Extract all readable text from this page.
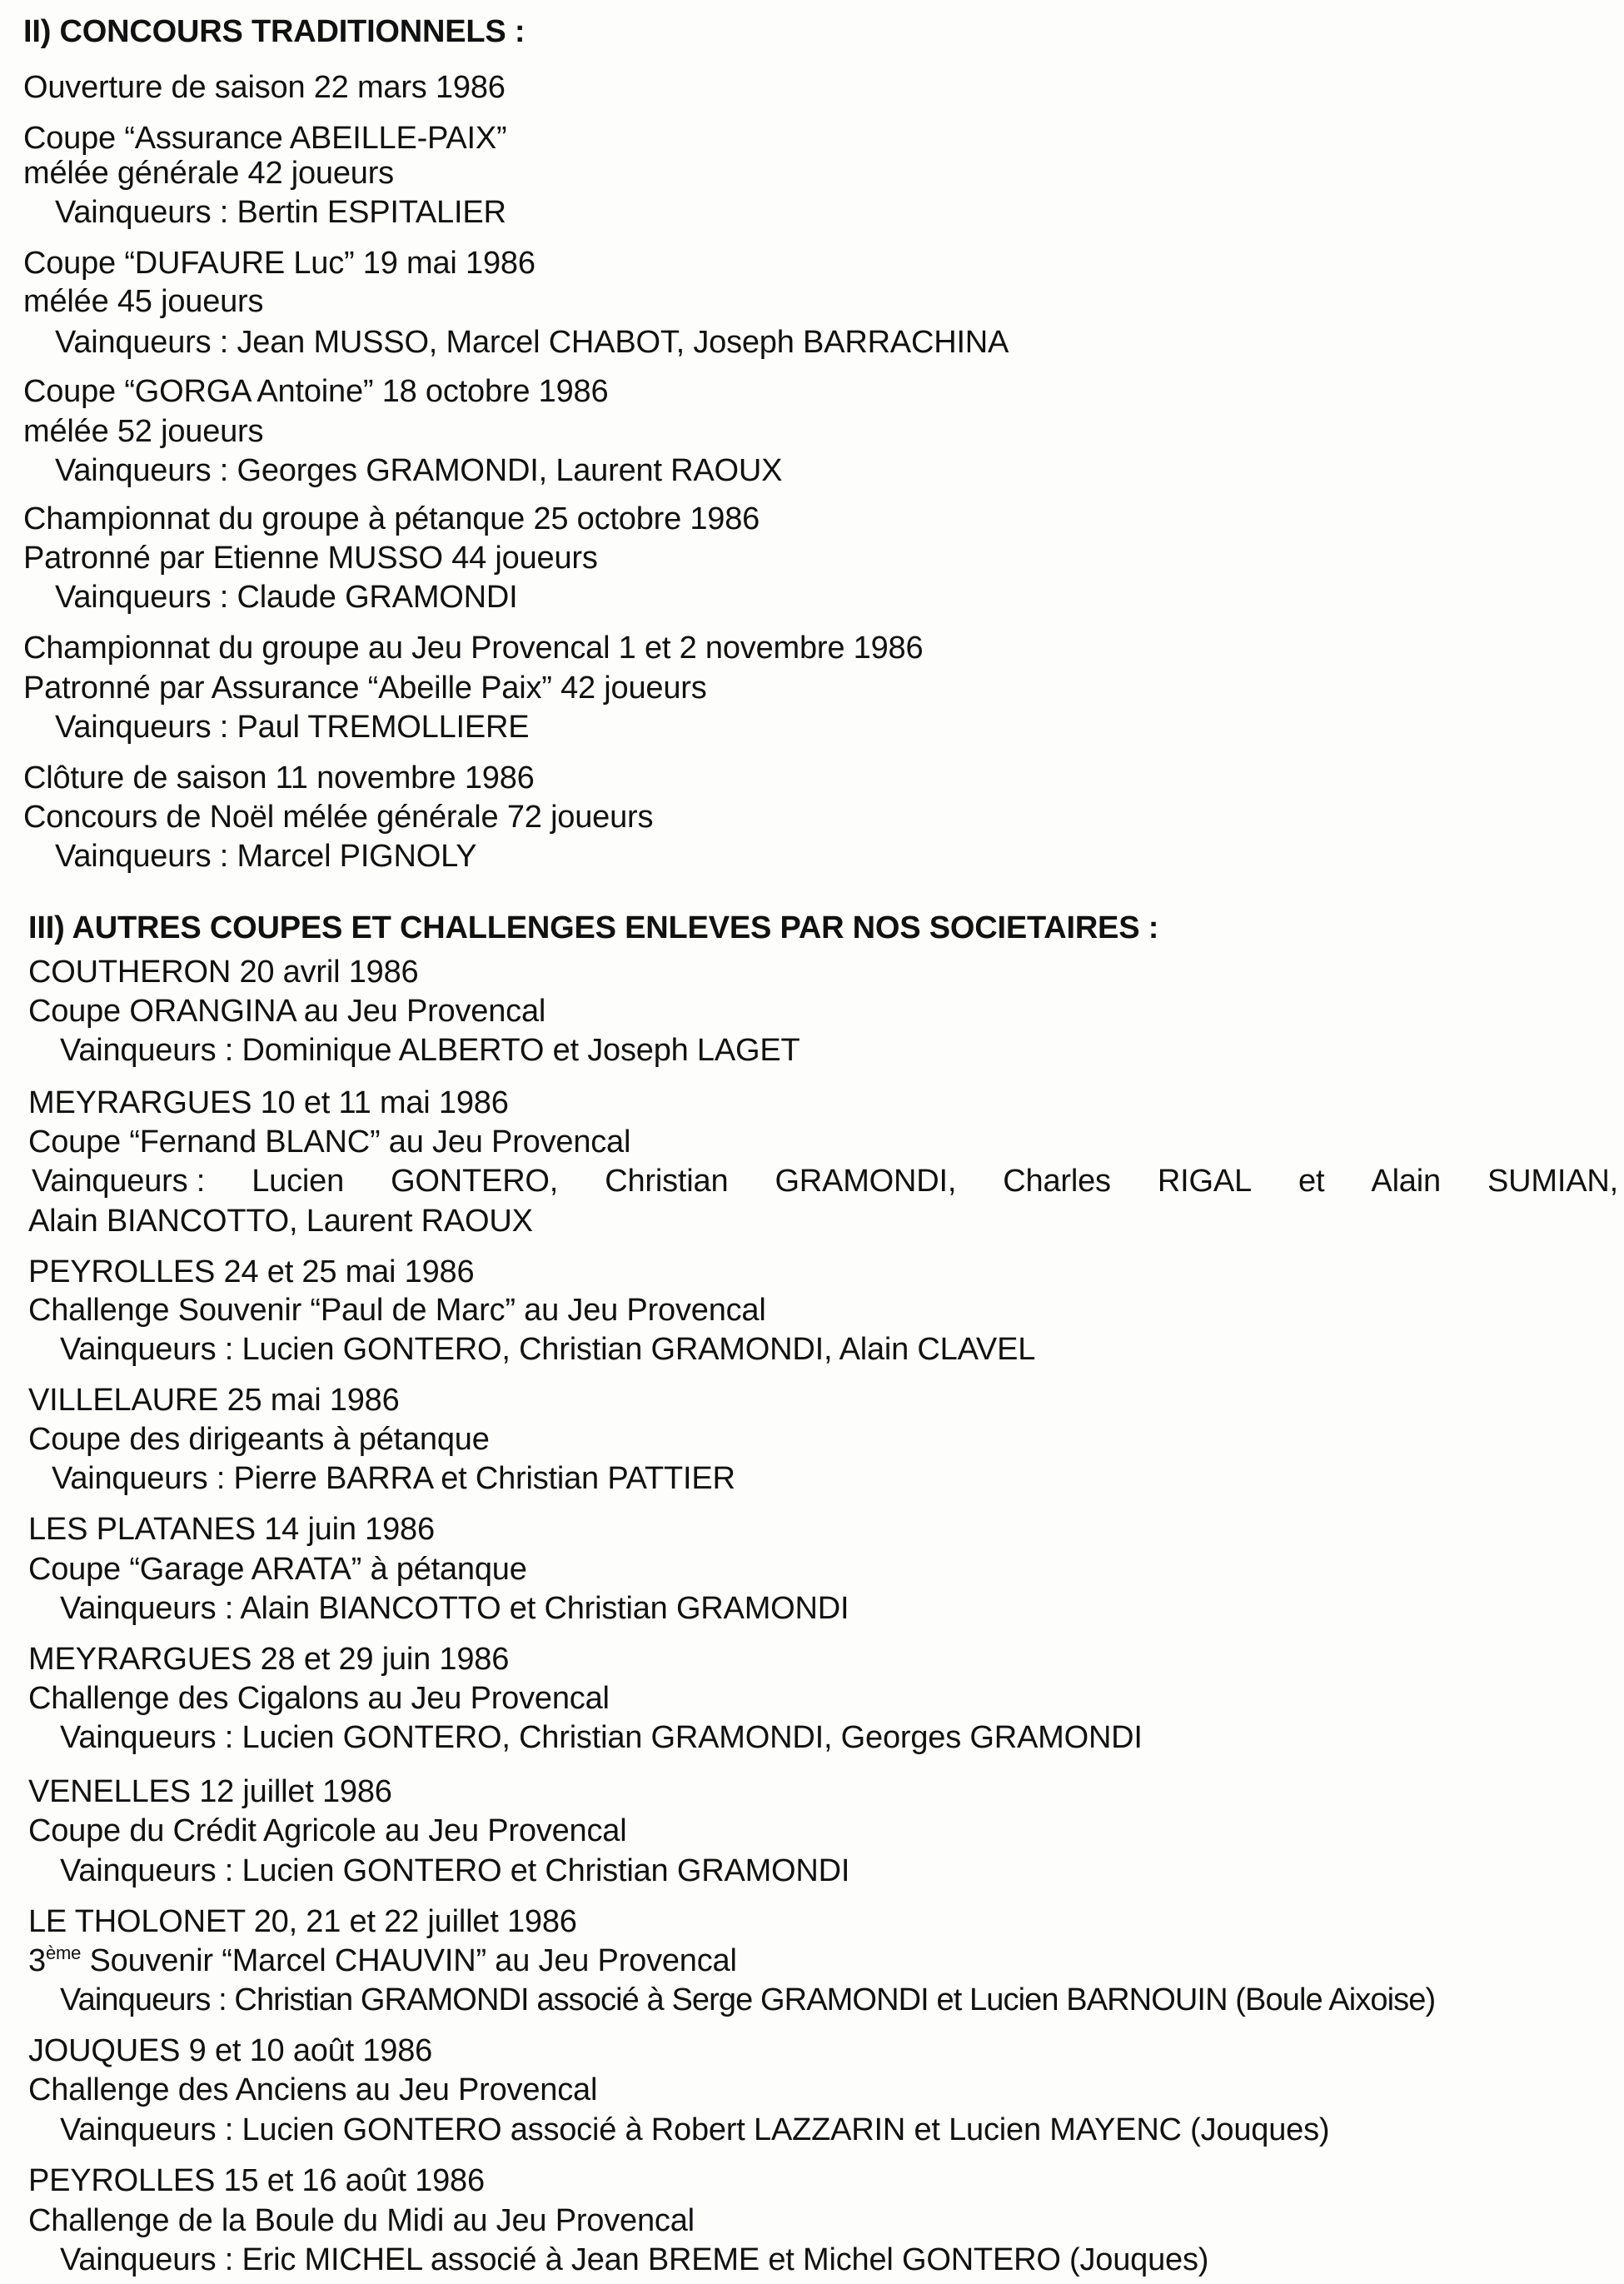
II) CONCOURS TRADITIONNELS :
Ouverture de saison 22 mars 1986
Coupe “Assurance ABEILLE-PAIX”
mélée générale 42 joueurs
Vainqueurs : Bertin ESPITALIER
Coupe “DUFAURE Luc” 19 mai 1986
mélée 45 joueurs
Vainqueurs : Jean MUSSO, Marcel CHABOT, Joseph BARRACHINA
Coupe “GORGA Antoine” 18 octobre 1986
mélée 52 joueurs
Vainqueurs : Georges GRAMONDI, Laurent RAOUX
Championnat du groupe à pétanque 25 octobre 1986
Patronné par Etienne MUSSO 44 joueurs
Vainqueurs : Claude GRAMONDI
Championnat du groupe au Jeu Provencal 1 et 2 novembre 1986
Patronné par Assurance “Abeille Paix” 42 joueurs
Vainqueurs : Paul TREMOLLIERE
Clôture de saison 11 novembre 1986
Concours de Noël mélée générale 72 joueurs
Vainqueurs : Marcel PIGNOLY
III) AUTRES COUPES ET CHALLENGES ENLEVES PAR NOS SOCIETAIRES :
COUTHERON 20 avril 1986
Coupe ORANGINA au Jeu Provencal
Vainqueurs : Dominique ALBERTO et Joseph LAGET
MEYRARGUES 10 et 11 mai 1986
Coupe “Fernand BLANC” au Jeu Provencal
Vainqueurs : Lucien GONTERO, Christian GRAMONDI, Charles RIGAL et Alain SUMIAN,
Alain BIANCOTTO, Laurent RAOUX
PEYROLLES 24 et 25 mai 1986
Challenge Souvenir “Paul de Marc” au Jeu Provencal
Vainqueurs : Lucien GONTERO, Christian GRAMONDI, Alain CLAVEL
VILLELAURE 25 mai 1986
Coupe des dirigeants à pétanque
Vainqueurs : Pierre BARRA et Christian PATTIER
LES PLATANES 14 juin 1986
Coupe “Garage ARATA” à pétanque
Vainqueurs : Alain BIANCOTTO et Christian GRAMONDI
MEYRARGUES 28 et 29 juin 1986
Challenge des Cigalons au Jeu Provencal
Vainqueurs : Lucien GONTERO, Christian GRAMONDI, Georges GRAMONDI
VENELLES 12 juillet 1986
Coupe du Crédit Agricole au Jeu Provencal
Vainqueurs : Lucien GONTERO et Christian GRAMONDI
LE THOLONET 20, 21 et 22 juillet 1986
3ème Souvenir “Marcel CHAUVIN” au Jeu Provencal
Vainqueurs : Christian GRAMONDI associé à Serge GRAMONDI et Lucien BARNOUIN (Boule Aixoise)
JOUQUES 9 et 10 août 1986
Challenge des Anciens au Jeu Provencal
Vainqueurs : Lucien GONTERO associé à Robert LAZZARIN et Lucien MAYENC (Jouques)
PEYROLLES 15 et 16 août 1986
Challenge de la Boule du Midi au Jeu Provencal
Vainqueurs : Eric MICHEL associé à Jean BREME et Michel GONTERO (Jouques)
